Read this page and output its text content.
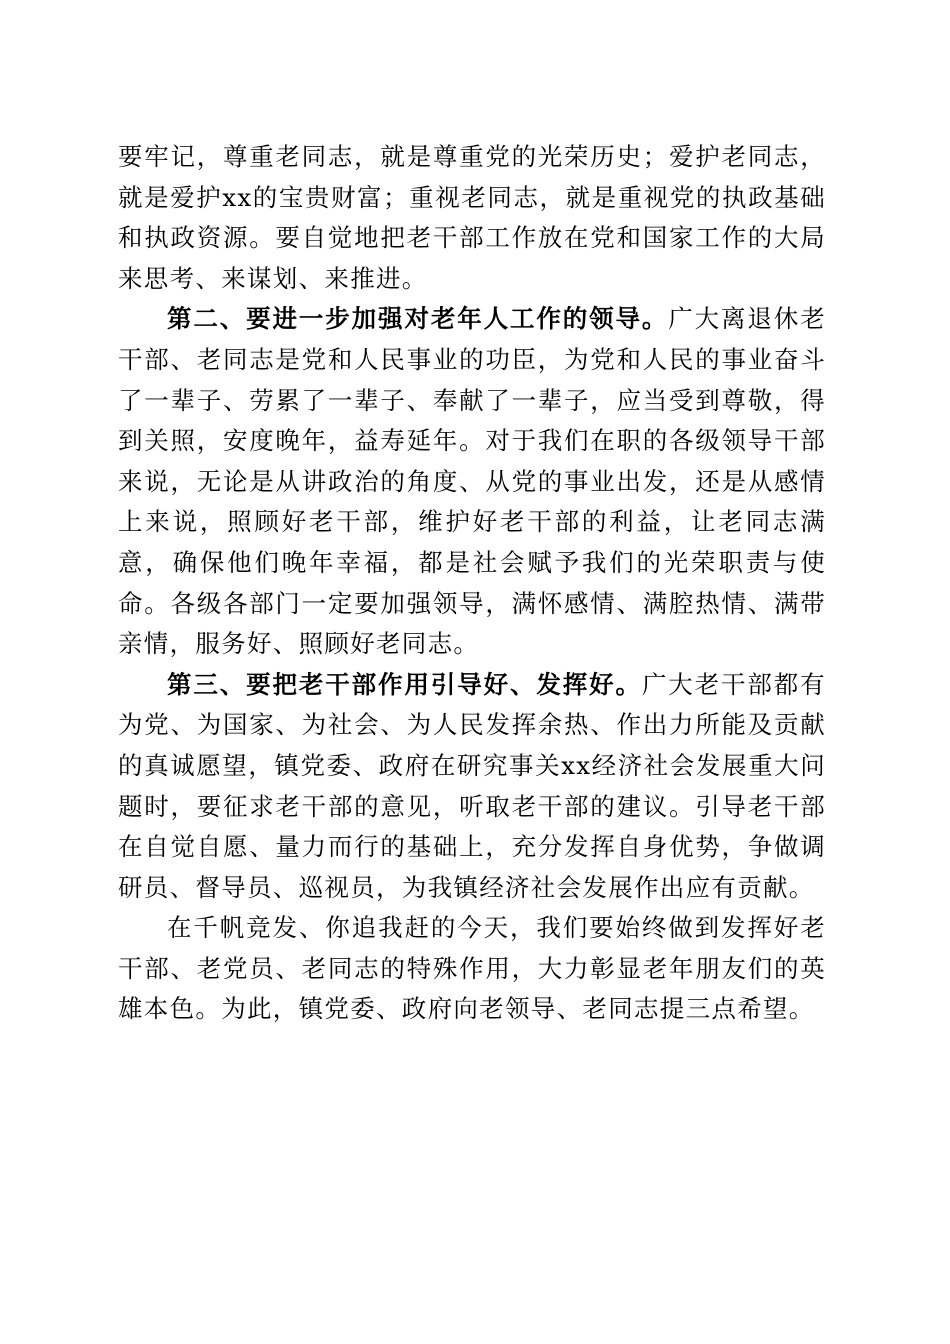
要牢记，尊重老同志，就是尊重党的光荣历史；爱护老同志，就是爱护xx的宝贵财富；重视老同志，就是重视党的执政基础和执政资源。要自觉地把老干部工作放在党和国家工作的大局来思考、来谋划、来推进。

第二、要进一步加强对老年人工作的领导。广大离退休老干部、老同志是党和人民事业的功臣，为党和人民的事业奋斗了一辈子、劳累了一辈子、奉献了一辈子，应当受到尊敬，得到关照，安度晚年，益寿延年。对于我们在职的各级领导干部来说，无论是从讲政治的角度、从党的事业出发，还是从感情上来说，照顾好老干部，维护好老干部的利益，让老同志满意，确保他们晚年幸福，都是社会赋予我们的光荣职责与使命。各级各部门一定要加强领导，满怀感情、满腔热情、满带亲情，服务好、照顾好老同志。

第三、要把老干部作用引导好、发挥好。广大老干部都有为党、为国家、为社会、为人民发挥余热、作出力所能及贡献的真诚愿望，镇党委、政府在研究事关xx经济社会发展重大问题时，要征求老干部的意见，听取老干部的建议。引导老干部在自觉自愿、量力而行的基础上，充分发挥自身优势，争做调研员、督导员、巡视员，为我镇经济社会发展作出应有贡献。

在千帆竞发、你追我赶的今天，我们要始终做到发挥好老干部、老党员、老同志的特殊作用，大力彰显老年朋友们的英雄本色。为此，镇党委、政府向老领导、老同志提三点希望。
